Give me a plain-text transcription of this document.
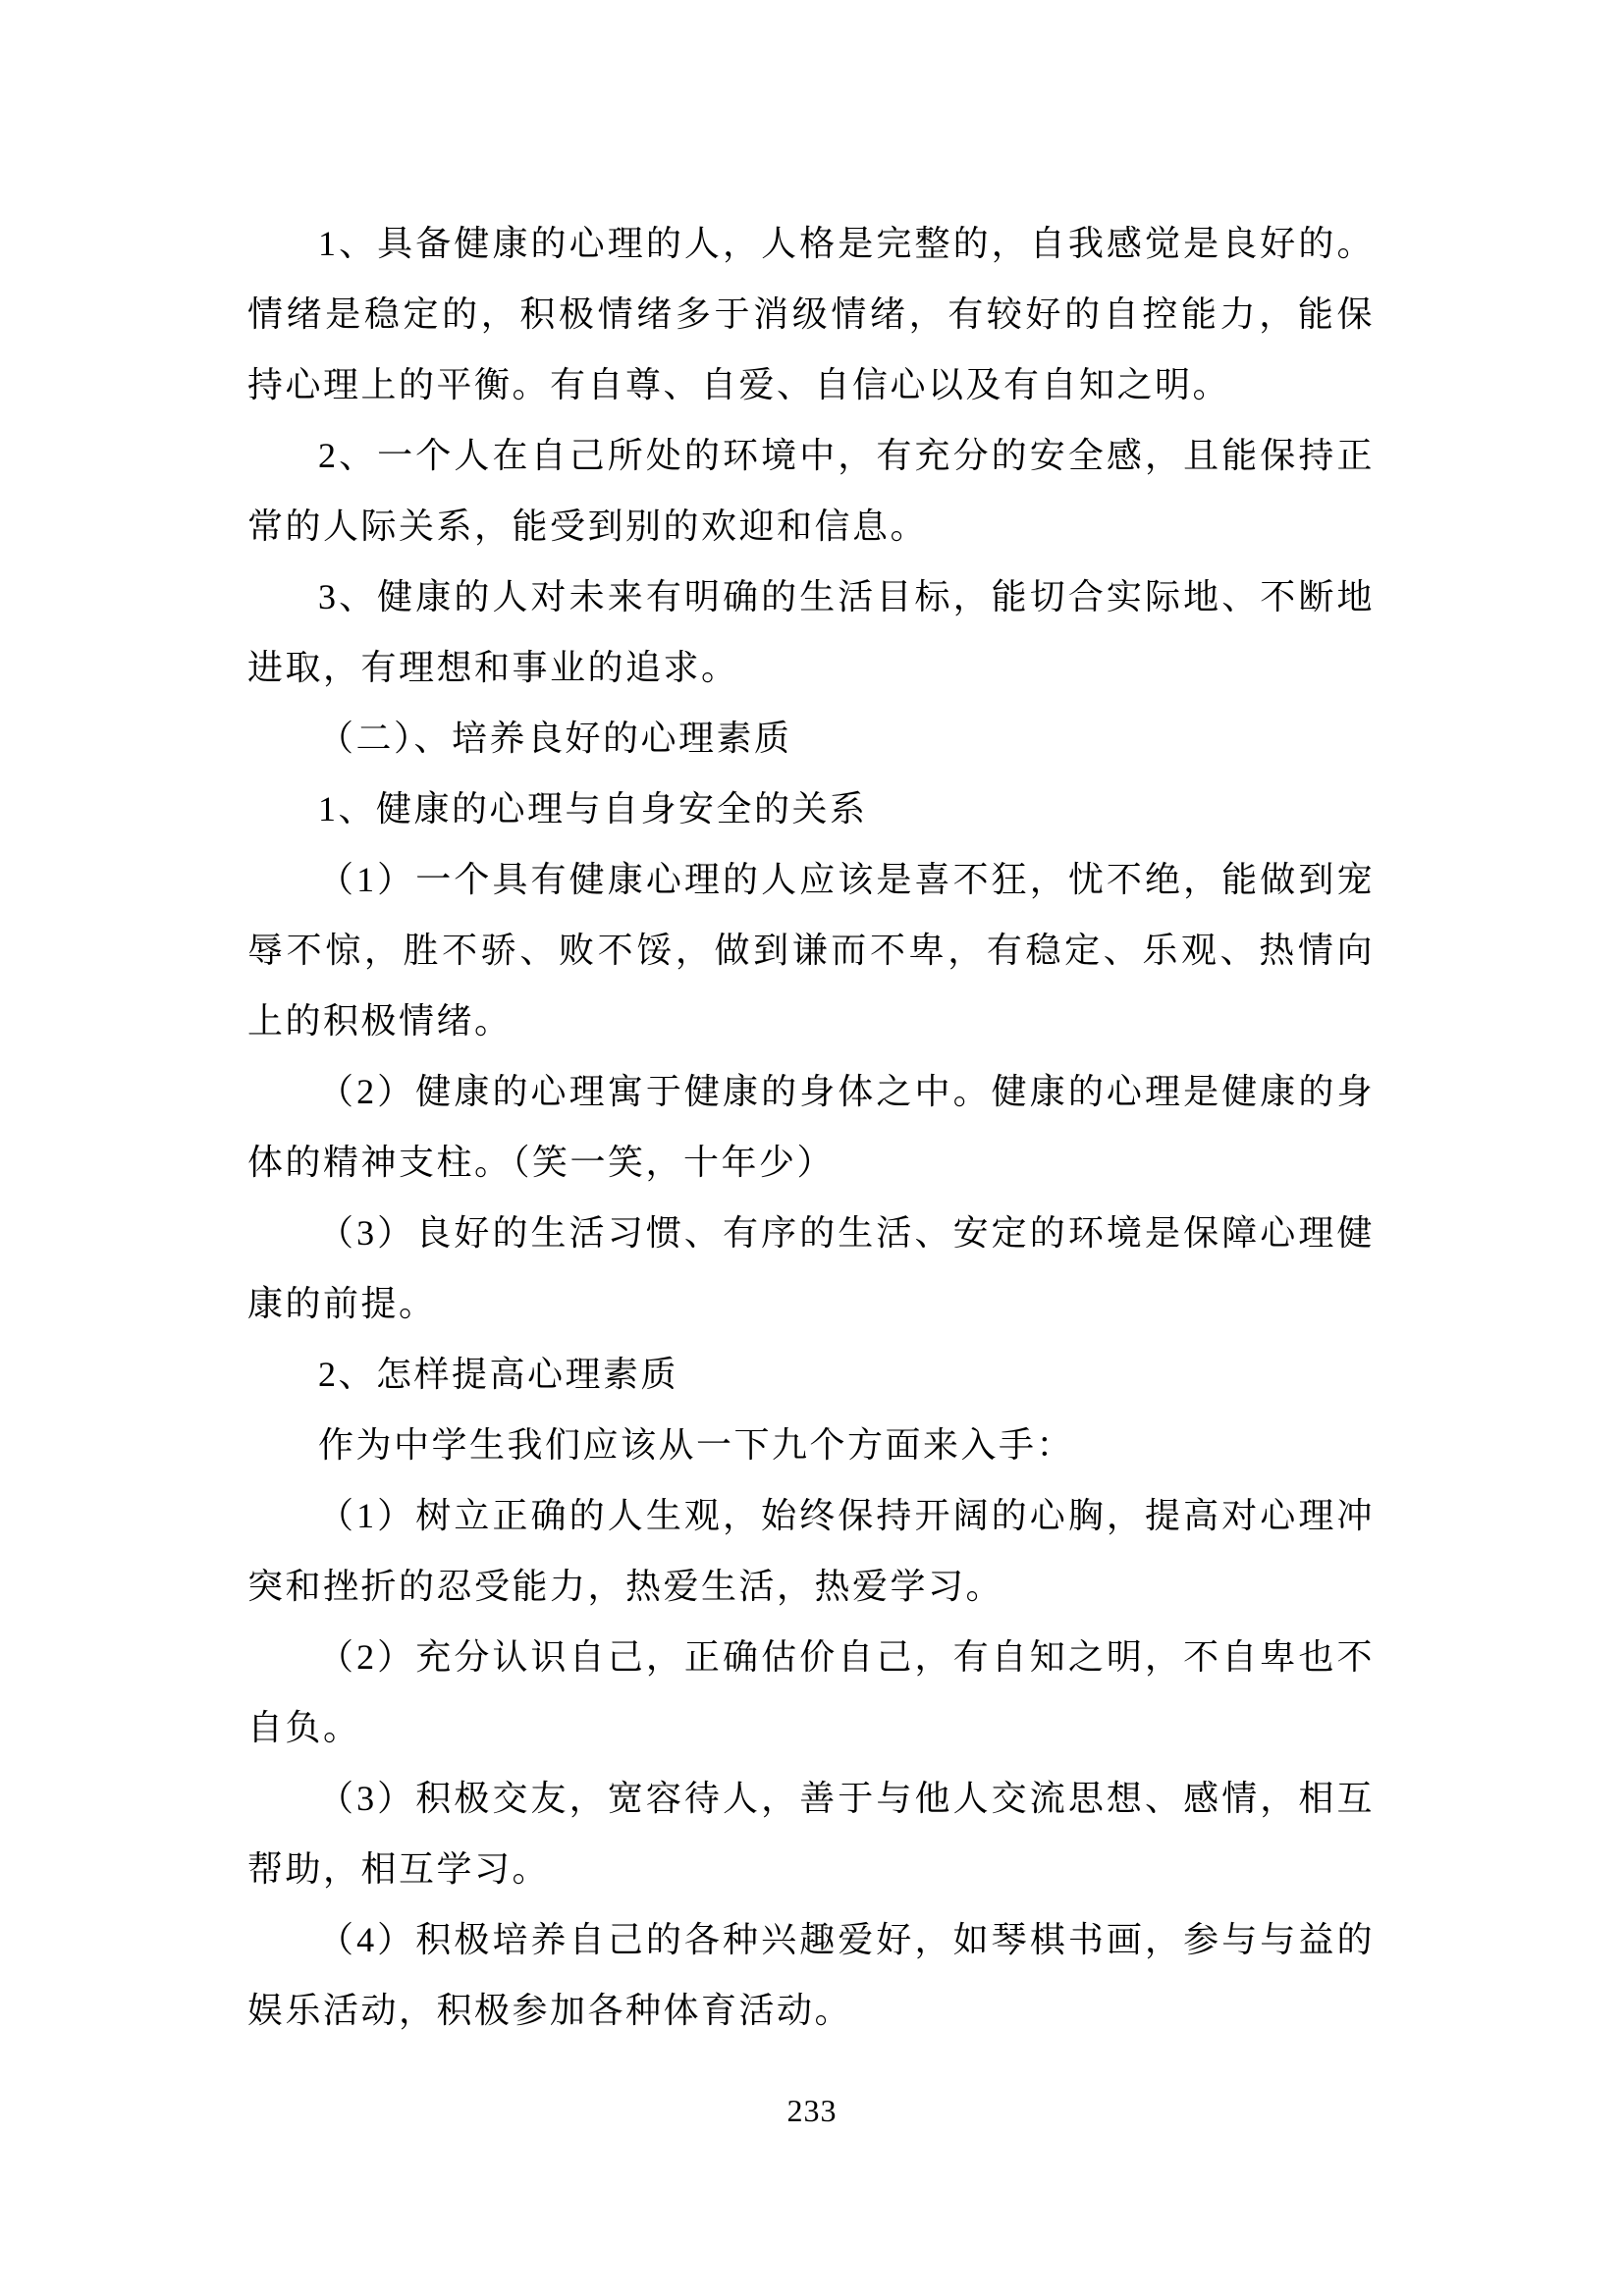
1、具备健康的心理的人，人格是完整的，自我感觉是良好的。情绪是稳定的，积极情绪多于消级情绪，有较好的自控能力，能保持心理上的平衡。有自尊、自爱、自信心以及有自知之明。

2、一个人在自己所处的环境中，有充分的安全感，且能保持正常的人际关系，能受到别的欢迎和信息。

3、健康的人对未来有明确的生活目标，能切合实际地、不断地进取，有理想和事业的追求。

（二）、培养良好的心理素质

1、健康的心理与自身安全的关系

（1）一个具有健康心理的人应该是喜不狂，忧不绝，能做到宠辱不惊，胜不骄、败不馁，做到谦而不卑，有稳定、乐观、热情向上的积极情绪。

（2）健康的心理寓于健康的身体之中。健康的心理是健康的身体的精神支柱。（笑一笑，十年少）

（3）良好的生活习惯、有序的生活、安定的环境是保障心理健康的前提。

2、怎样提高心理素质

作为中学生我们应该从一下九个方面来入手：

（1）树立正确的人生观，始终保持开阔的心胸，提高对心理冲突和挫折的忍受能力，热爱生活，热爱学习。

（2）充分认识自己，正确估价自己，有自知之明，不自卑也不自负。

（3）积极交友，宽容待人，善于与他人交流思想、感情，相互帮助，相互学习。

（4）积极培养自己的各种兴趣爱好，如琴棋书画，参与与益的娱乐活动，积极参加各种体育活动。

233
